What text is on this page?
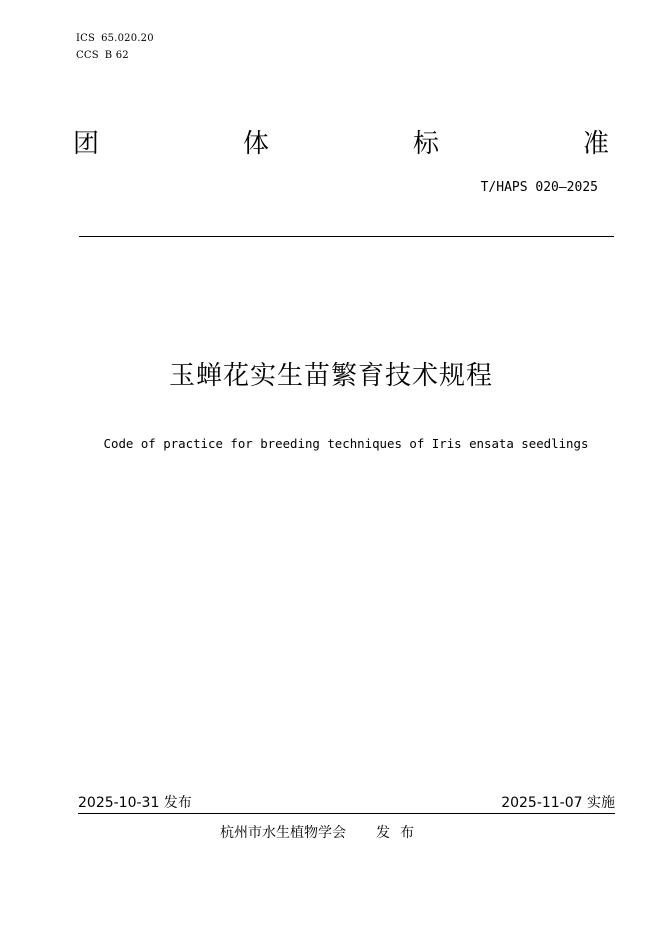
ICS 65.020.20
CCS B 62
团	体	标	准
T/HAPS 020—2025
玉蝉花实生苗繁育技术规程
Code of practice for breeding techniques of Iris ensata seedlings
2025-10-31 发布	2025-11-07 实施
杭州市水生植物学会 发布
